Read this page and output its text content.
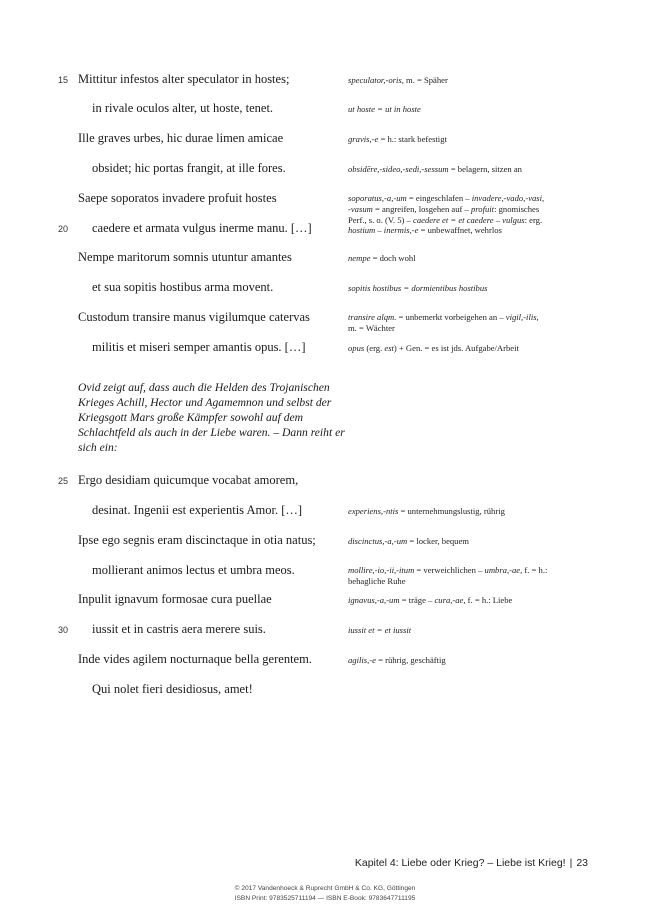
15
20
25
30
Mittitur infestos alter speculator in hostes;
in rivale oculos alter, ut hoste, tenet.
Ille graves urbes, hic durae limen amicae
obsidet; hic portas frangit, at ille fores.
Saepe soporatos invadere profuit hostes
caedere et armata vulgus inerme manu. […]
Nempe maritorum somnis utuntur amantes
et sua sopitis hostibus arma movent.
Custodum transire manus vigilumque catervas
militis et miseri semper amantis opus. […]
Ovid zeigt auf, dass auch die Helden des Trojanischen Krieges Achill, Hector und Agamemnon und selbst der Kriegsgott Mars große Kämpfer sowohl auf dem Schlachtfeld als auch in der Liebe waren. – Dann reiht er sich ein:
Ergo desidiam quicumque vocabat amorem,
desinat. Ingenii est experientis Amor. […]
Ipse ego segnis eram discinctaque in otia natus;
mollierant animos lectus et umbra meos.
Inpulit ignavum formosae cura puellae
iussit et in castris aera merere suis.
Inde vides agilem nocturnaque bella gerentem.
Qui nolet fieri desidiosus, amet!
speculator,-oris, m. = Späher
ut hoste = ut in hoste
gravis,-e = h.: stark befestigt
obsidēre,-sideo,-sedi,-sessum = belagern, sitzen an
soporatus,-a,-um = eingeschlafen – invadere,-vado,-vasi,
-vasum = angreifen, losgehen auf – profuit: gnomisches
Perf., s. o. (V. 5) – caedere et = et caedere – vulgus: erg.
hostium – inermis,-e = unbewaffnet, wehrlos
nempe = doch wohl
sopitis hostibus = dormientibus hostibus
transire alqm. = unbemerkt vorbeigehen an – vigil,-ilis,
m. = Wächter
opus (erg. est) + Gen. = es ist jds. Aufgabe/Arbeit
experiens,-ntis = unternehmungslustig, rührig
discinctus,-a,-um = locker, bequem
mollire,-io,-ii,-itum = verweichlichen – umbra,-ae, f. = h.:
behagliche Ruhe
ignavus,-a,-um = träge – cura,-ae, f. = h.: Liebe
iussit et = et iussit
agilis,-e = rührig, geschäftig
Kapitel 4: Liebe oder Krieg? – Liebe ist Krieg! | 23
© 2017 Vandenhoeck & Ruprecht GmbH & Co. KG, Göttingen
ISBN Print: 9783525711194 — ISBN E-Book: 9783647711195
